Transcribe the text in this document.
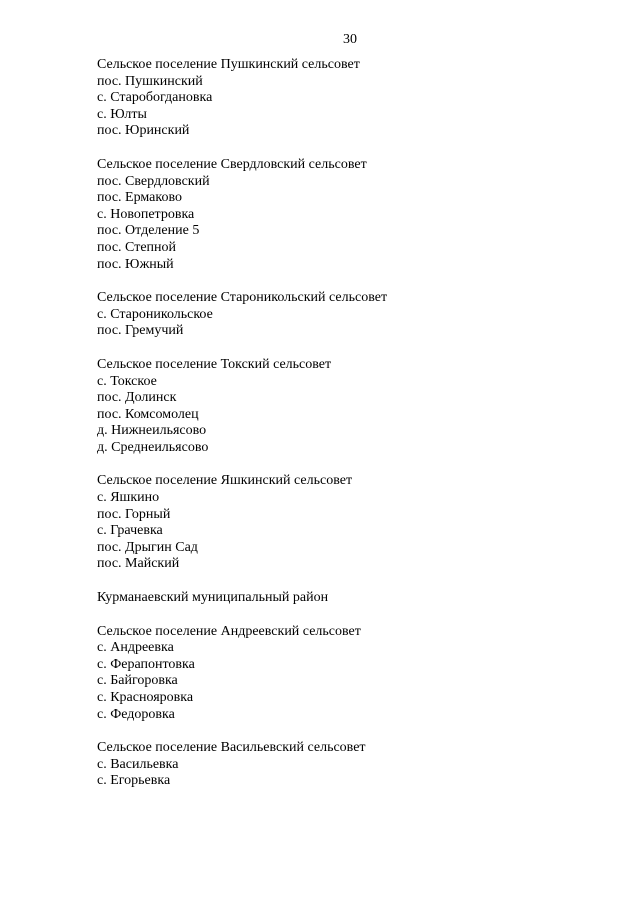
30
Сельское поселение Пушкинский сельсовет
пос. Пушкинский
с. Старобогдановка
с. Юлты
пос. Юринский
Сельское поселение Свердловский сельсовет
пос. Свердловский
пос. Ермаково
с. Новопетровка
пос. Отделение 5
пос. Степной
пос. Южный
Сельское поселение Староникольский сельсовет
с. Староникольское
пос. Гремучий
Сельское поселение Токский сельсовет
с. Токское
пос. Долинск
пос. Комсомолец
д. Нижнеильясово
д. Среднеильясово
Сельское поселение Яшкинский сельсовет
с. Яшкино
пос. Горный
с. Грачевка
пос. Дрыгин Сад
пос. Майский
Курманаевский муниципальный район
Сельское поселение Андреевский сельсовет
с. Андреевка
с. Ферапонтовка
с. Байгоровка
с. Краснояровка
с. Федоровка
Сельское поселение Васильевский сельсовет
с. Васильевка
с. Егорьевка
